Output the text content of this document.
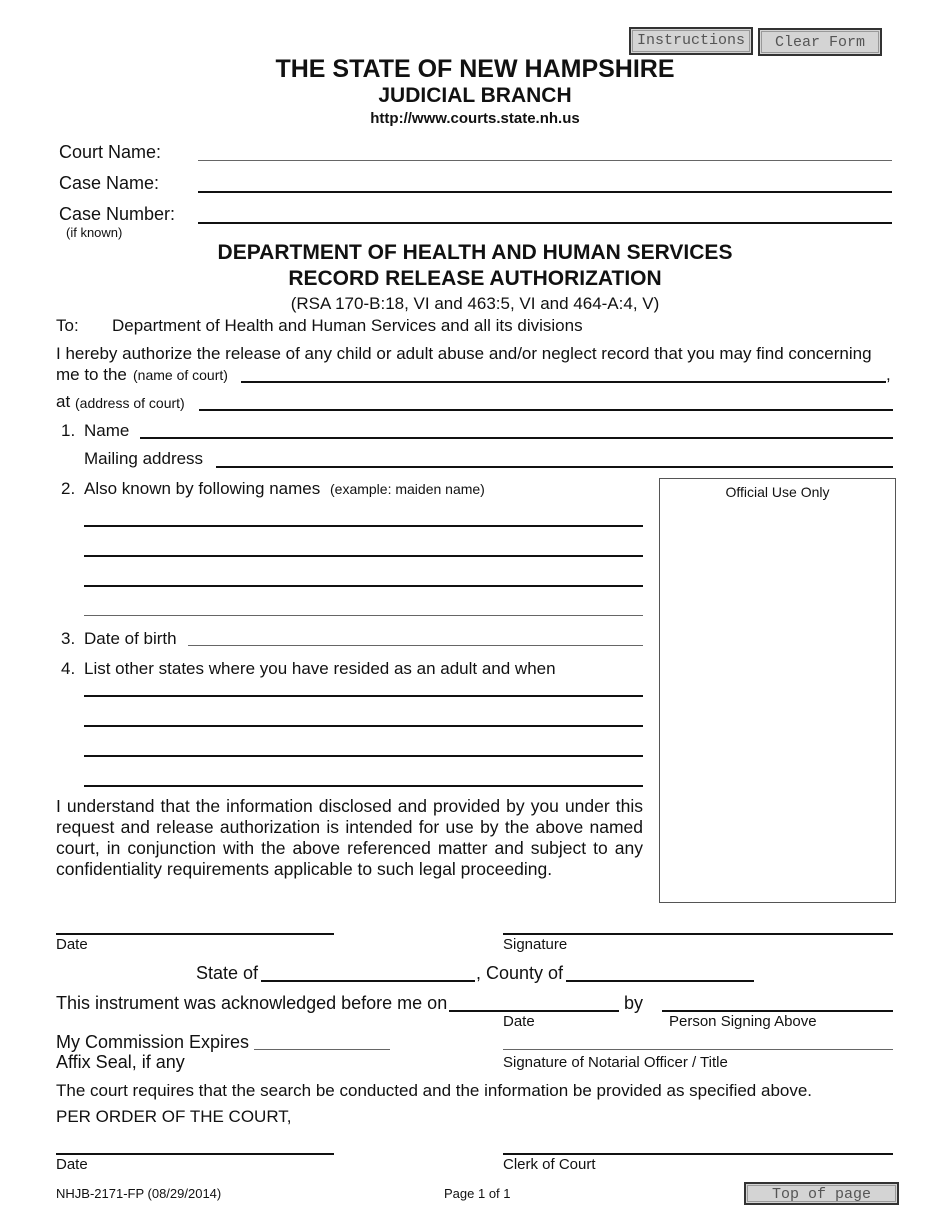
Instructions	Clear Form
THE STATE OF NEW HAMPSHIRE
JUDICIAL BRANCH
http://www.courts.state.nh.us
Court Name:
Case Name:
Case Number:
(if known)
DEPARTMENT OF HEALTH AND HUMAN SERVICES
RECORD RELEASE AUTHORIZATION
(RSA 170-B:18, VI and 463:5, VI and 464-A:4, V)
To: Department of Health and Human Services and all its divisions
I hereby authorize the release of any child or adult abuse and/or neglect record that you may find concerning
me to the (name of court)	,
at (address of court)
1. Name
Mailing address
2. Also known by following names (example: maiden name)
3. Date of birth
4. List other states where you have resided as an adult and when
Official Use Only
I understand that the information disclosed and provided by you under this request and release authorization is intended for use by the above named court, in conjunction with the above referenced matter and subject to any confidentiality requirements applicable to such legal proceeding.
Date	Signature
State of	, County of
This instrument was acknowledged before me on	by
Date	Person Signing Above
My Commission Expires
Affix Seal, if any	Signature of Notarial Officer / Title
The court requires that the search be conducted and the information be provided as specified above.
PER ORDER OF THE COURT,
Date	Clerk of Court
NHJB-2171-FP (08/29/2014)	Page 1 of 1	Top of page
